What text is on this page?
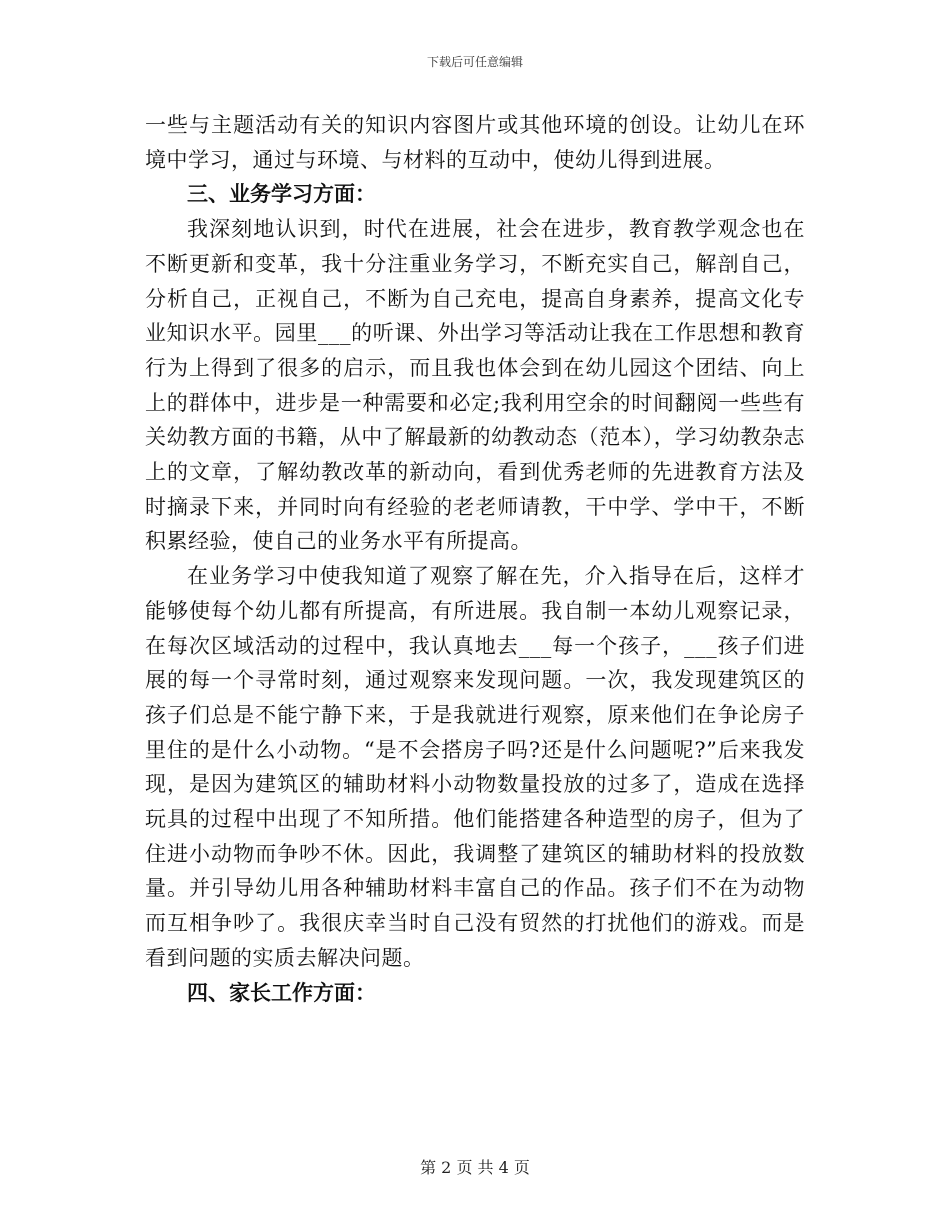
下载后可任意编辑

一些与主题活动有关的知识内容图片或其他环境的创设。让幼儿在环境中学习，通过与环境、与材料的互动中，使幼儿得到进展。

三、业务学习方面：

我深刻地认识到，时代在进展，社会在进步，教育教学观念也在不断更新和变革，我十分注重业务学习，不断充实自己，解剖自己，分析自己，正视自己，不断为自己充电，提高自身素养，提高文化专业知识水平。园里___的听课、外出学习等活动让我在工作思想和教育行为上得到了很多的启示，而且我也体会到在幼儿园这个团结、向上上的群体中，进步是一种需要和必定;我利用空余的时间翻阅一些些有关幼教方面的书籍，从中了解最新的幼教动态（范本），学习幼教杂志上的文章，了解幼教改革的新动向，看到优秀老师的先进教育方法及时摘录下来，并同时向有经验的老老师请教，干中学、学中干，不断积累经验，使自己的业务水平有所提高。

在业务学习中使我知道了观察了解在先，介入指导在后，这样才能够使每个幼儿都有所提高，有所进展。我自制一本幼儿观察记录，在每次区域活动的过程中，我认真地去___每一个孩子，___孩子们进展的每一个寻常时刻，通过观察来发现问题。一次，我发现建筑区的孩子们总是不能宁静下来，于是我就进行观察，原来他们在争论房子里住的是什么小动物。“是不会搭房子吗?还是什么问题呢?”后来我发现，是因为建筑区的辅助材料小动物数量投放的过多了，造成在选择玩具的过程中出现了不知所措。他们能搭建各种造型的房子，但为了住进小动物而争吵不休。因此，我调整了建筑区的辅助材料的投放数量。并引导幼儿用各种辅助材料丰富自己的作品。孩子们不在为动物而互相争吵了。我很庆幸当时自己没有贸然的打扰他们的游戏。而是看到问题的实质去解决问题。

四、家长工作方面：

第 2 页 共 4 页
